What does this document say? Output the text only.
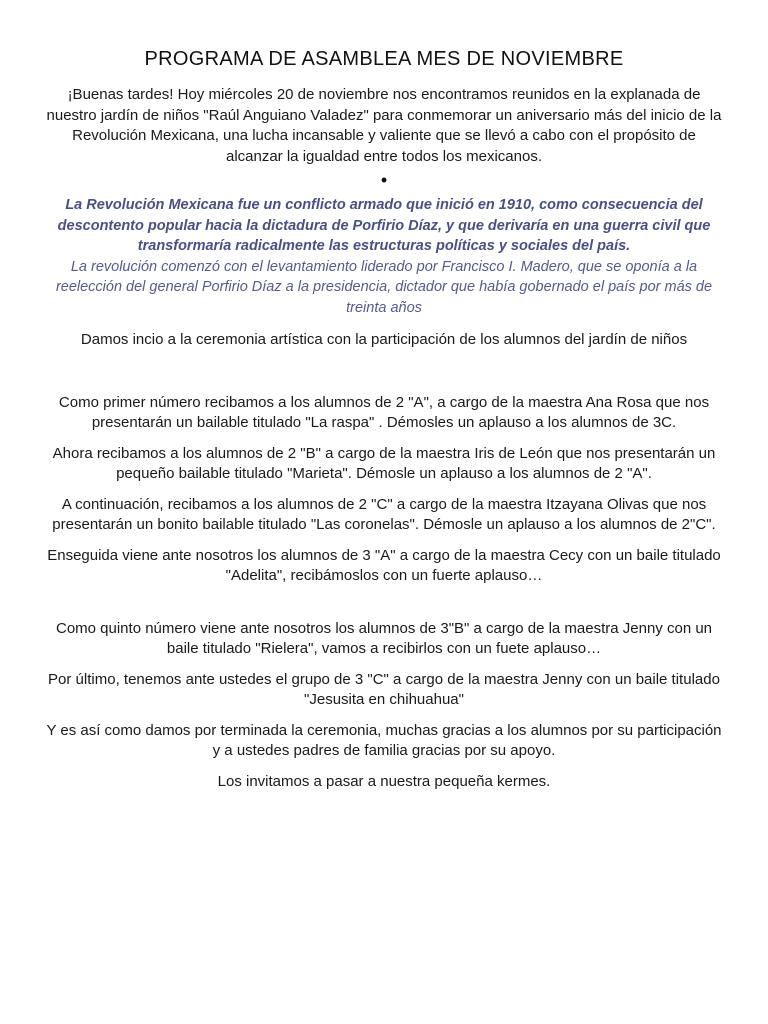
PROGRAMA DE ASAMBLEA MES DE NOVIEMBRE

¡Buenas tardes! Hoy miércoles 20 de noviembre nos encontramos reunidos en la explanada de nuestro jardín de niños "Raúl Anguiano Valadez" para conmemorar un aniversario más del inicio de la Revolución Mexicana, una lucha incansable y valiente que se llevó a cabo con el propósito de alcanzar la igualdad entre todos los mexicanos.

•

La Revolución Mexicana fue un conflicto armado que inició en 1910, como consecuencia del descontento popular hacia la dictadura de Porfirio Díaz, y que derivaría en una guerra civil que transformaría radicalmente las estructuras políticas y sociales del país.

La revolución comenzó con el levantamiento liderado por Francisco I. Madero, que se oponía a la reelección del general Porfirio Díaz a la presidencia, dictador que había gobernado el país por más de treinta años

Damos incio a la ceremonia artística con la participación de los alumnos del jardín de niños

Como primer número recibamos a los alumnos de 2 "A", a cargo de la maestra Ana Rosa que nos presentarán un bailable titulado "La raspa" . Démosles un aplauso a los alumnos de 3C.

Ahora recibamos a los alumnos de 2 "B" a cargo de la maestra Iris de León que nos presentarán un pequeño bailable titulado "Marieta". Démosle un aplauso a los alumnos de 2 "A".

A continuación, recibamos a los alumnos de 2 "C" a cargo de la maestra Itzayana Olivas que nos presentarán un bonito bailable titulado "Las coronelas". Démosle un aplauso a los alumnos de 2"C".

Enseguida viene ante nosotros los alumnos de 3 "A" a cargo de la maestra Cecy con un baile titulado "Adelita", recibámoslos con un fuerte aplauso…

Como quinto número viene ante nosotros los alumnos de 3"B" a cargo de la maestra Jenny con un baile titulado "Rielera", vamos a recibirlos con un fuete aplauso…

Por último, tenemos ante ustedes el grupo de 3 "C" a cargo de la maestra Jenny con un baile titulado "Jesusita en chihuahua"

Y es así como damos por terminada la ceremonia, muchas gracias a los alumnos por su participación y a ustedes padres de familia gracias por su apoyo.

Los invitamos a pasar a nuestra pequeña kermes.
